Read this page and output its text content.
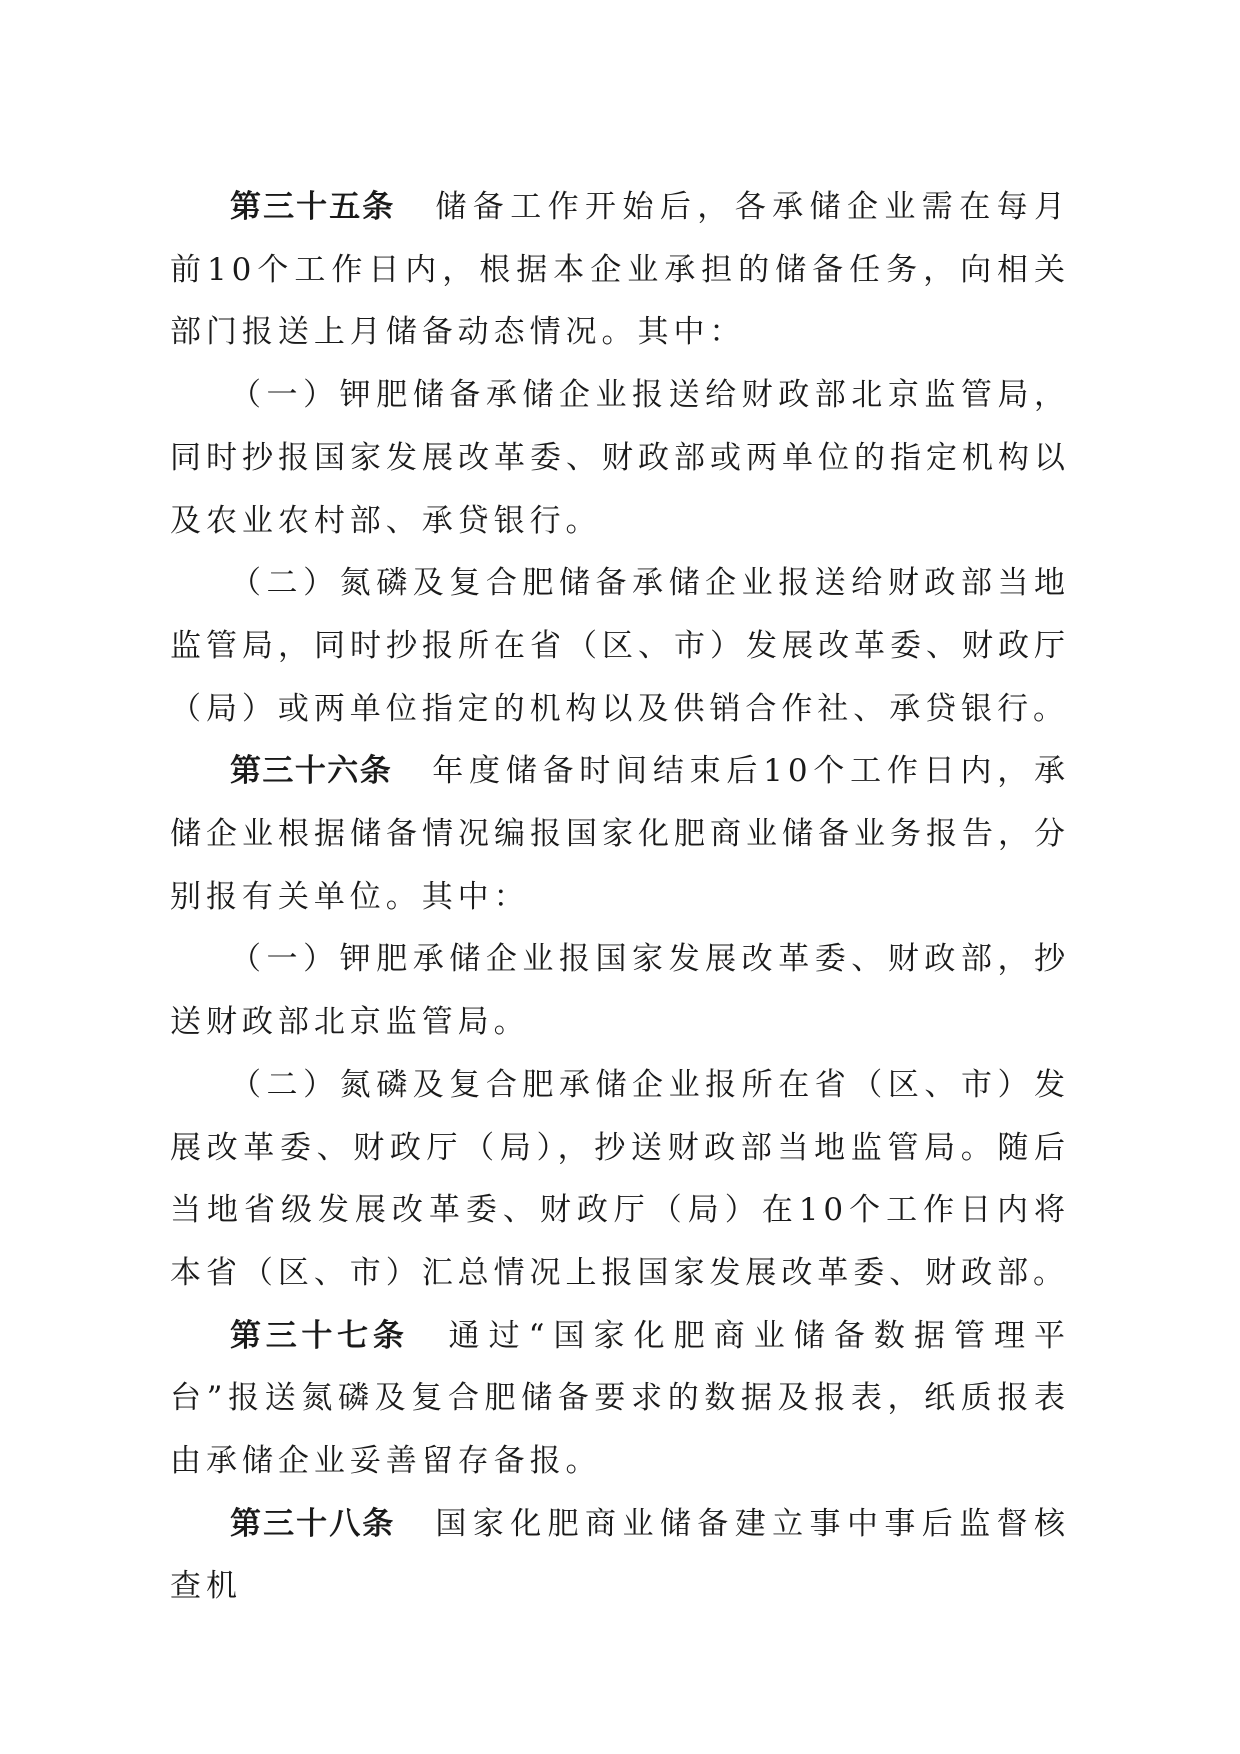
第三十五条 储备工作开始后，各承储企业需在每月前10个工作日内，根据本企业承担的储备任务，向相关部门报送上月储备动态情况。其中：

（一）钾肥储备承储企业报送给财政部北京监管局，同时抄报国家发展改革委、财政部或两单位的指定机构以及农业农村部、承贷银行。

（二）氮磷及复合肥储备承储企业报送给财政部当地监管局，同时抄报所在省（区、市）发展改革委、财政厅（局）或两单位指定的机构以及供销合作社、承贷银行。

第三十六条 年度储备时间结束后10个工作日内，承储企业根据储备情况编报国家化肥商业储备业务报告，分别报有关单位。其中：

（一）钾肥承储企业报国家发展改革委、财政部，抄送财政部北京监管局。

（二）氮磷及复合肥承储企业报所在省（区、市）发展改革委、财政厅（局），抄送财政部当地监管局。随后当地省级发展改革委、财政厅（局）在10个工作日内将本省（区、市）汇总情况上报国家发展改革委、财政部。

第三十七条 通过“国家化肥商业储备数据管理平台”报送氮磷及复合肥储备要求的数据及报表，纸质报表由承储企业妥善留存备报。

第三十八条 国家化肥商业储备建立事中事后监督核查机
